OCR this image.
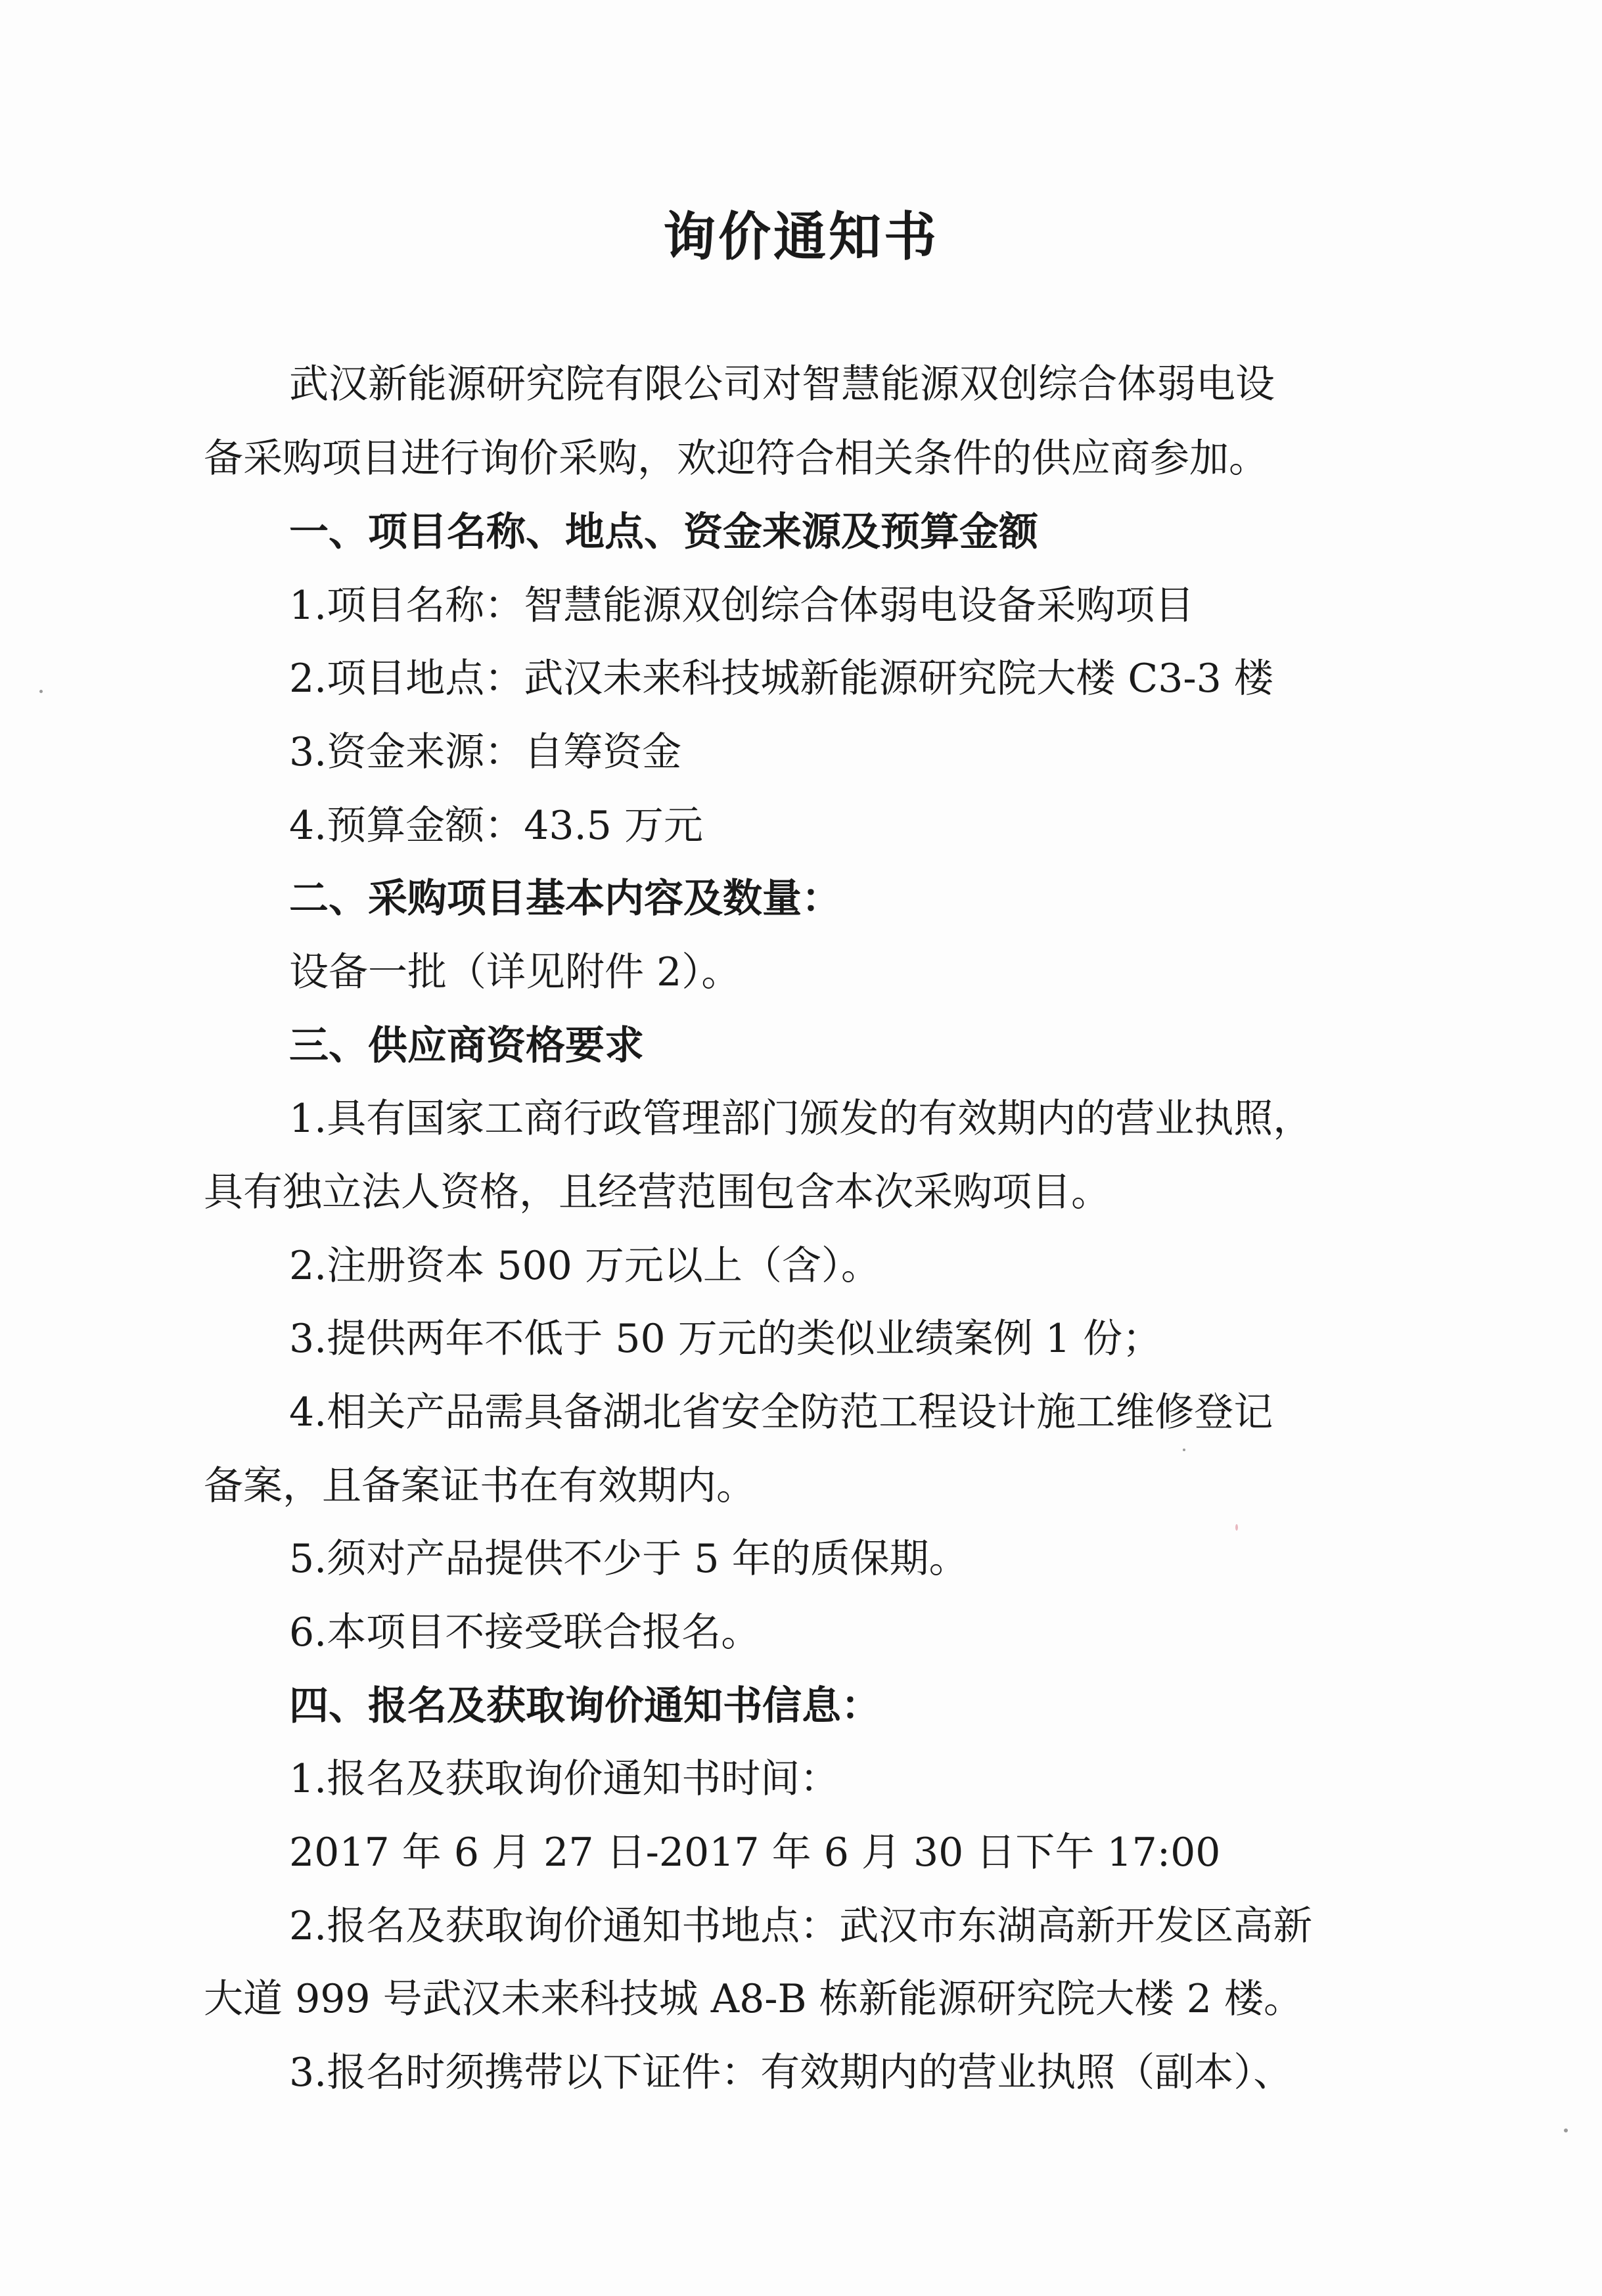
询价通知书
武汉新能源研究院有限公司对智慧能源双创综合体弱电设
备采购项目进行询价采购，欢迎符合相关条件的供应商参加。
一、项目名称、地点、资金来源及预算金额
1.项目名称：智慧能源双创综合体弱电设备采购项目
2.项目地点：武汉未来科技城新能源研究院大楼 C3-3 楼
3.资金来源：自筹资金
4.预算金额：43.5 万元
二、采购项目基本内容及数量：
设备一批（详见附件 2）。
三、供应商资格要求
1.具有国家工商行政管理部门颁发的有效期内的营业执照，
具有独立法人资格，且经营范围包含本次采购项目。
2.注册资本 500 万元以上（含）。
3.提供两年不低于 50 万元的类似业绩案例 1 份；
4.相关产品需具备湖北省安全防范工程设计施工维修登记
备案，且备案证书在有效期内。
5.须对产品提供不少于 5 年的质保期。
6.本项目不接受联合报名。
四、报名及获取询价通知书信息：
1.报名及获取询价通知书时间：
2017 年 6 月 27 日-2017 年 6 月 30 日下午 17:00
2.报名及获取询价通知书地点：武汉市东湖高新开发区高新
大道 999 号武汉未来科技城 A8-B 栋新能源研究院大楼 2 楼。
3.报名时须携带以下证件：有效期内的营业执照（副本）、
